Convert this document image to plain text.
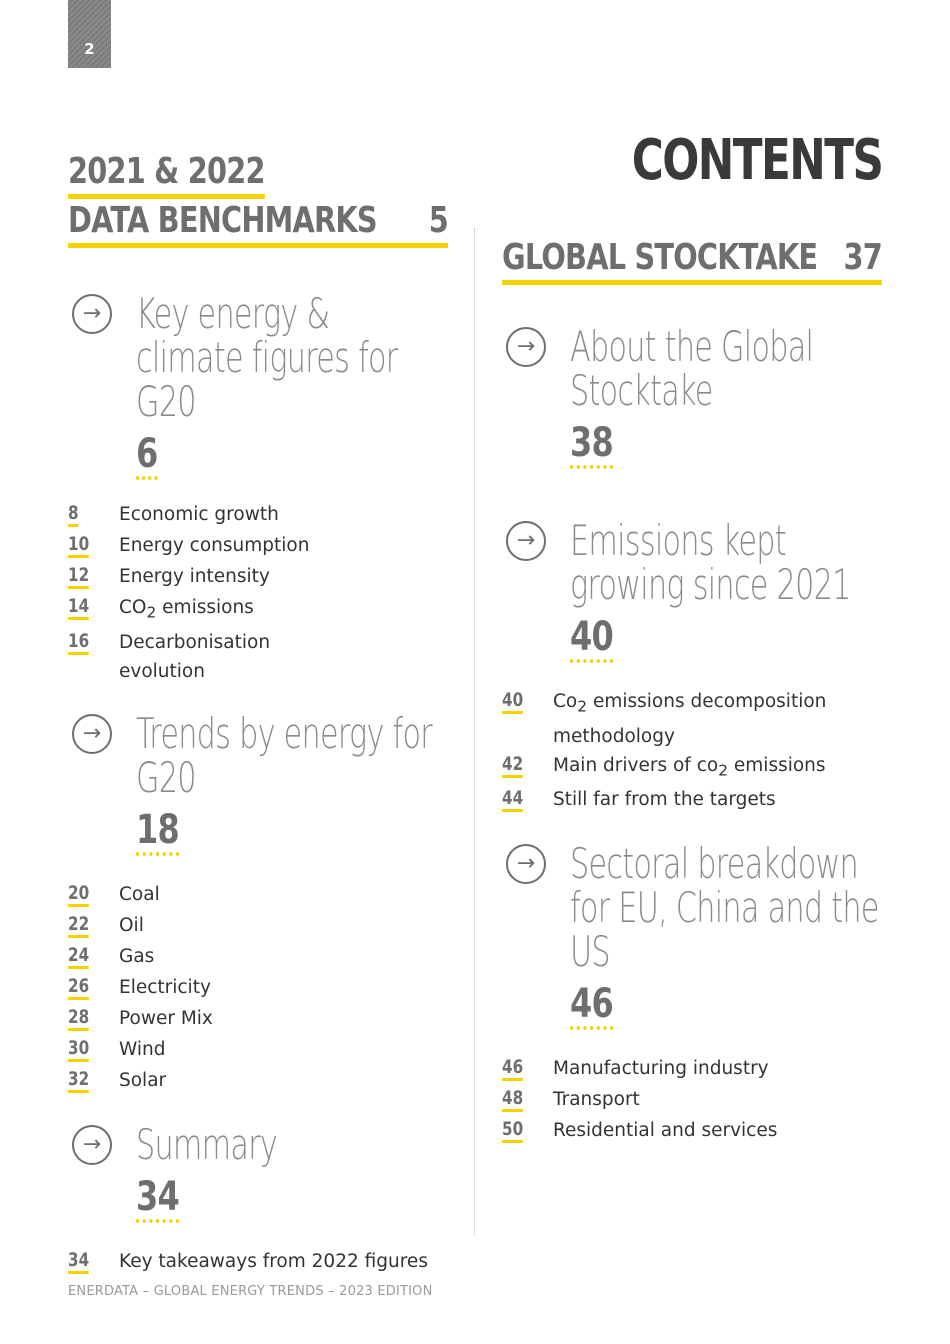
2
CONTENTS
2021 & 2022
DATA BENCHMARKS 5
→ Key energy & climate figures for G20
6
8	Economic growth
10	Energy consumption
12	Energy intensity
14	$CO_2$ emissions
16	Decarbonisation evolution
→ Trends by energy for G20
18
20	Coal
22	Oil
24	Gas
26	Electricity
28	Power Mix
30	Wind
32	Solar
→ Summary
34
34	Key takeaways from 2022 figures
GLOBAL STOCKTAKE 37
→ About the Global Stocktake
38
→ Emissions kept growing since 2021
40
40	$Co_2$ emissions decomposition methodology
42	Main drivers of $co_2$ emissions
44	Still far from the targets
→ Sectoral breakdown for EU, China and the US
46
46	Manufacturing industry
48	Transport
50	Residential and services
ENERDATA – GLOBAL ENERGY TRENDS – 2023 EDITION
